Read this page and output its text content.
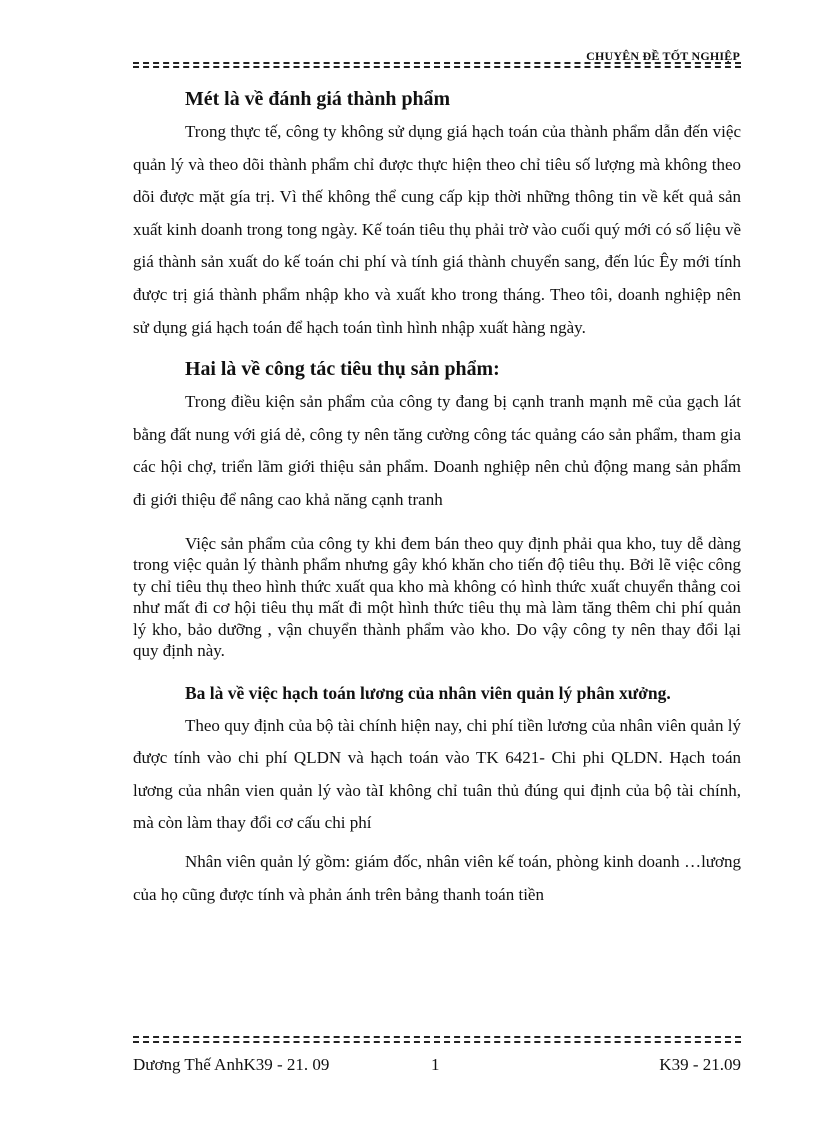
CHUYÊN ĐỀ TỐT NGHIỆP
Mét là về đánh giá thành phẩm

Trong thực tế, công ty không sử dụng giá hạch toán của thành phẩm dẫn đến việc quản lý và theo dõi thành phẩm chỉ được thực hiện theo chỉ tiêu số lượng mà không theo dõi được mặt gía trị. Vì thế không thể cung cấp kịp thời những thông tin về kết quả sản xuất kinh doanh trong tong ngày. Kế toán tiêu thụ phải trờ vào cuối quý mới có số liệu về giá thành sản xuất do kế toán chi phí và tính giá thành chuyển sang, đến lúc Êy mới tính được trị giá thành phẩm nhập kho và xuất kho trong tháng. Theo tôi, doanh nghiệp nên sử dụng giá hạch toán để hạch toán tình hình nhập xuất hàng ngày.

Hai là về công tác tiêu thụ sản phẩm:

Trong điều kiện sản phẩm của công ty đang bị cạnh tranh mạnh mẽ của gạch lát bằng đất nung với giá dẻ, công ty nên tăng cường công tác quảng cáo sản phẩm, tham gia các hội chợ, triển lãm giới thiệu sản phẩm. Doanh nghiệp nên chủ động mang sản phẩm đi giới thiệu để nâng cao khả năng cạnh tranh

Việc sản phẩm của công ty khi đem bán theo quy định phải qua kho, tuy dễ dàng trong việc quản lý thành phẩm nhưng gây khó khăn cho tiến độ tiêu thụ. Bởi lẽ việc công ty chỉ tiêu thụ theo hình thức xuất qua kho mà không có hình thức xuất chuyển thẳng coi như mất đi cơ hội tiêu thụ mất đi một hình thức tiêu thụ mà làm tăng thêm chi phí quản lý kho, bảo dưỡng , vận chuyển thành phẩm vào kho. Do vậy công ty nên thay đổi lại quy định này.

Ba là về việc hạch toán lương của nhân viên quản lý phân xưởng.

Theo quy định của bộ tài chính hiện nay, chi phí tiền lương của nhân viên quản lý được tính vào chi phí QLDN và hạch toán vào TK 6421- Chi phi QLDN. Hạch toán lương của nhân vien quản lý vào tàI không chỉ tuân thủ đúng qui định của bộ tài chính, mà còn làm thay đổi cơ cấu chi phí

Nhân viên quản lý gồm: giám đốc, nhân viên kế toán, phòng kinh doanh …lương của họ cũng được tính và phản ánh trên bảng thanh toán tiền

Dương Thế AnhK39 - 21. 09	1	K39 - 21.09
